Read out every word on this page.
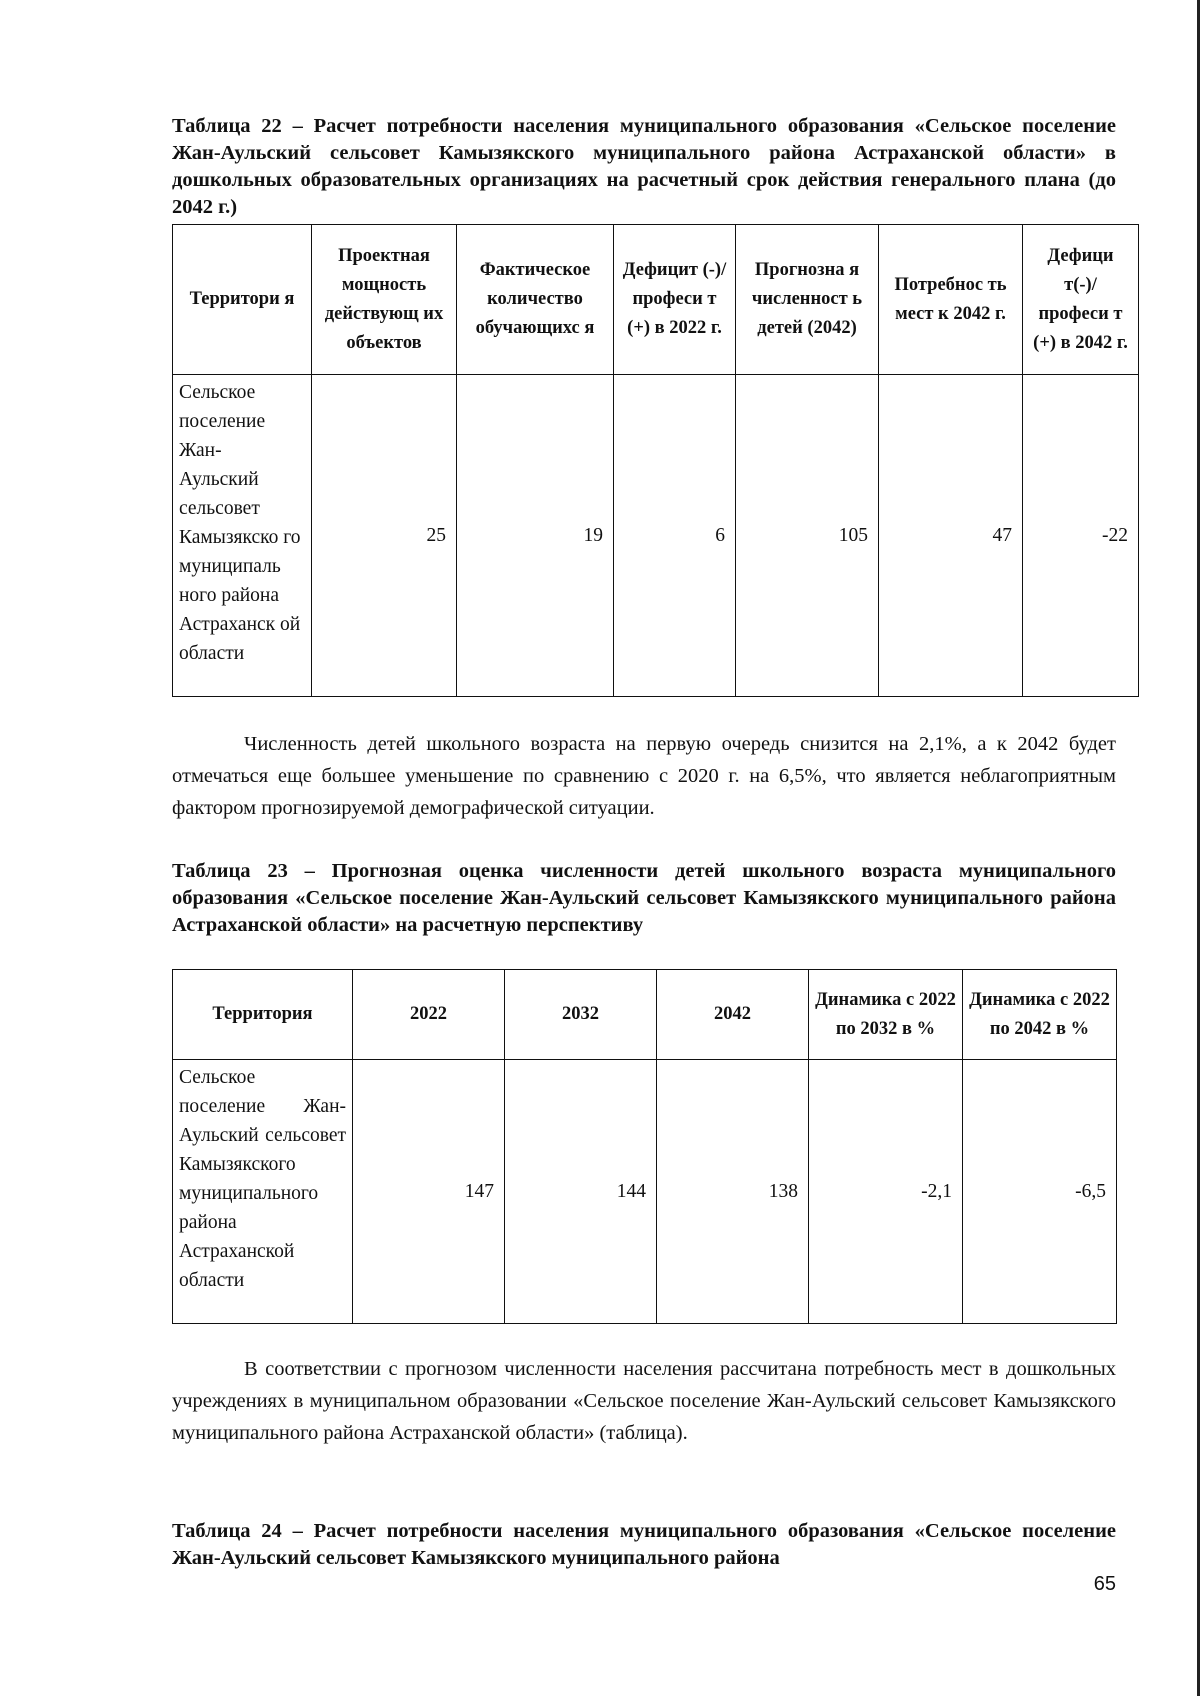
Таблица 22 – Расчет потребности населения муниципального образования «Сельское поселение Жан-Аульский сельсовет Камызякского муниципального района Астраханской области» в дошкольных образовательных организациях на расчетный срок действия генерального плана (до 2042 г.)

Территори я	Проектная мощность действующ их объектов	Фактическое количество обучающихс я	Дефицит (-)/ професи т (+) в 2022 г.	Прогнозна я численност ь детей (2042)	Потребнос ть мест к 2042 г.	Дефици т(-)/ професи т (+) в 2042 г.
Сельское поселение Жан- Аульский сельсовет Камызякско го муниципаль ного района Астраханск ой области	25	19	6	105	47	-22

Численность детей школьного возраста на первую очередь снизится на 2,1%, а к 2042 будет отмечаться еще большее уменьшение по сравнению с 2020 г. на 6,5%, что является неблагоприятным фактором прогнозируемой демографической ситуации.

Таблица 23 – Прогнозная оценка численности детей школьного возраста муниципального образования «Сельское поселение Жан-Аульский сельсовет Камызякского муниципального района Астраханской области» на расчетную перспективу

Территория	2022	2032	2042	Динамика с 2022 по 2032 в %	Динамика с 2022 по 2042 в %
Сельское поселение Жан-Аульский сельсовет Камызякского муниципального района Астраханской области	147	144	138	-2,1	-6,5

В соответствии с прогнозом численности населения рассчитана потребность мест в дошкольных учреждениях в муниципальном образовании «Сельское поселение Жан-Аульский сельсовет Камызякского муниципального района Астраханской области» (таблица).

Таблица 24 – Расчет потребности населения муниципального образования «Сельское поселение Жан-Аульский сельсовет Камызякского муниципального района

65
